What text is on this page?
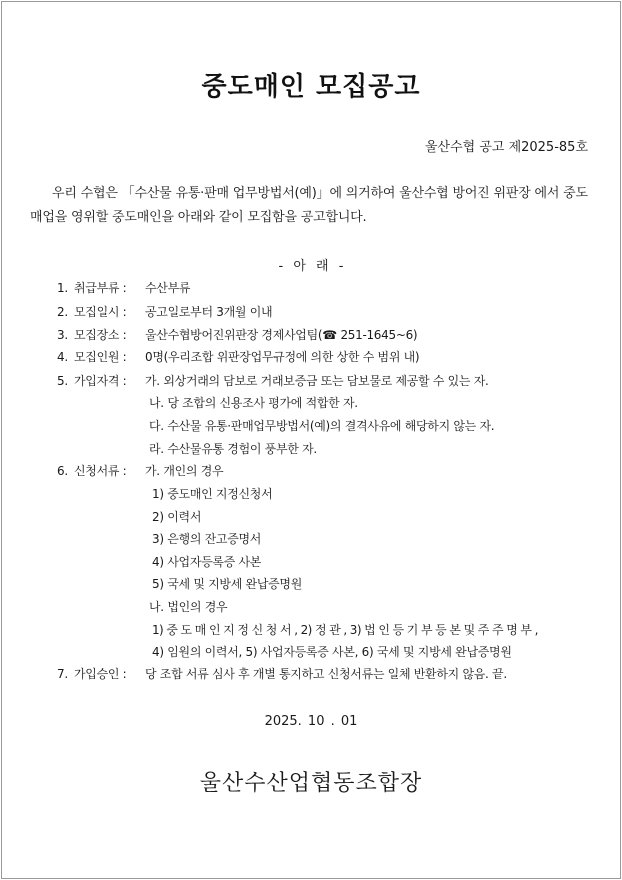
중도매인 모집공고
울산수협 공고 제2025-85호
우리 수협은 「수산물 유통·판매 업무방법서(예)」에 의거하여 울산수협 방어진 위판장 에서 중도매업을 영위할 중도매인을 아래와 같이 모집함을 공고합니다.
- 아 래 -
1. 취급부류 : 수산부류
2. 모집일시 : 공고일로부터 3개월 이내
3. 모집장소 : 울산수협방어진위판장 경제사업팀(☎ 251-1645~6)
4. 모집인원 : 0명(우리조합 위판장업무규정에 의한 상한 수 범위 내)
5. 가입자격 : 가. 외상거래의 담보로 거래보증금 또는 담보물로 제공할 수 있는 자.
나. 당 조합의 신용조사 평가에 적합한 자.
다. 수산물 유통·판매업무방법서(예)의 결격사유에 해당하지 않는 자.
라. 수산물유통 경험이 풍부한 자.
6. 신청서류 : 가. 개인의 경우
1) 중도매인 지정신청서
2) 이력서
3) 은행의 잔고증명서
4) 사업자등록증 사본
5) 국세 및 지방세 완납증명원
나. 법인의 경우
1) 중 도 매 인 지 정 신 청 서 , 2) 정 관 , 3) 법 인 등 기 부 등 본 및 주 주 명 부 ,
4) 임원의 이력서, 5) 사업자등록증 사본, 6) 국세 및 지방세 완납증명원
7. 가입승인 : 당 조합 서류 심사 후 개별 통지하고 신청서류는 일체 반환하지 않음. 끝.
2025. 10 . 01
울산수산업협동조합장
